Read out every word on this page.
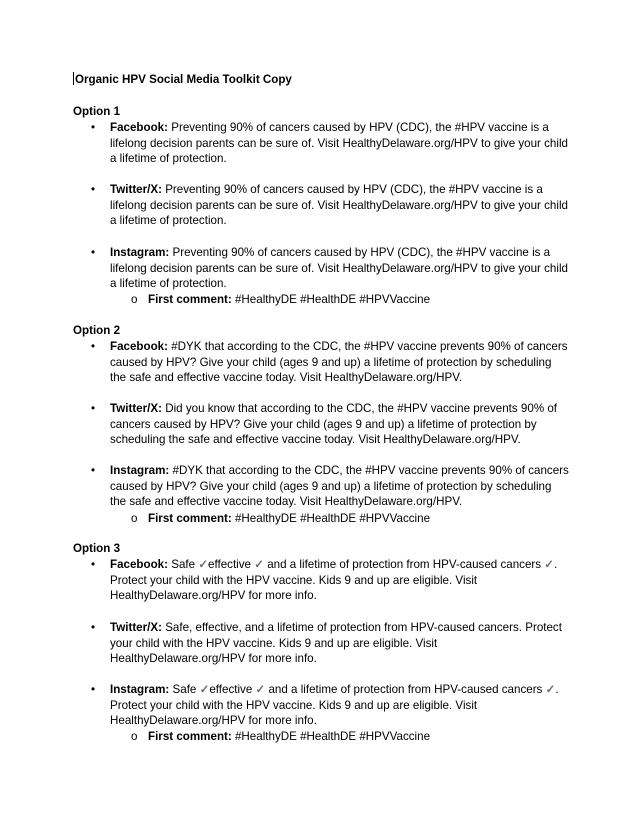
Organic HPV Social Media Toolkit Copy
Option 1
• Facebook: Preventing 90% of cancers caused by HPV (CDC), the #HPV vaccine is a lifelong decision parents can be sure of. Visit HealthyDelaware.org/HPV to give your child a lifetime of protection.
• Twitter/X: Preventing 90% of cancers caused by HPV (CDC), the #HPV vaccine is a lifelong decision parents can be sure of. Visit HealthyDelaware.org/HPV to give your child a lifetime of protection.
• Instagram: Preventing 90% of cancers caused by HPV (CDC), the #HPV vaccine is a lifelong decision parents can be sure of. Visit HealthyDelaware.org/HPV to give your child a lifetime of protection.
o First comment: #HealthyDE #HealthDE #HPVVaccine
Option 2
• Facebook: #DYK that according to the CDC, the #HPV vaccine prevents 90% of cancers caused by HPV? Give your child (ages 9 and up) a lifetime of protection by scheduling the safe and effective vaccine today. Visit HealthyDelaware.org/HPV.
• Twitter/X: Did you know that according to the CDC, the #HPV vaccine prevents 90% of cancers caused by HPV? Give your child (ages 9 and up) a lifetime of protection by scheduling the safe and effective vaccine today. Visit HealthyDelaware.org/HPV.
• Instagram: #DYK that according to the CDC, the #HPV vaccine prevents 90% of cancers caused by HPV? Give your child (ages 9 and up) a lifetime of protection by scheduling the safe and effective vaccine today. Visit HealthyDelaware.org/HPV.
o First comment: #HealthyDE #HealthDE #HPVVaccine
Option 3
• Facebook: Safe ✓effective ✓ and a lifetime of protection from HPV-caused cancers ✓. Protect your child with the HPV vaccine. Kids 9 and up are eligible. Visit HealthyDelaware.org/HPV for more info.
• Twitter/X: Safe, effective, and a lifetime of protection from HPV-caused cancers. Protect your child with the HPV vaccine. Kids 9 and up are eligible. Visit HealthyDelaware.org/HPV for more info.
• Instagram: Safe ✓effective ✓ and a lifetime of protection from HPV-caused cancers ✓. Protect your child with the HPV vaccine. Kids 9 and up are eligible. Visit HealthyDelaware.org/HPV for more info.
o First comment: #HealthyDE #HealthDE #HPVVaccine
